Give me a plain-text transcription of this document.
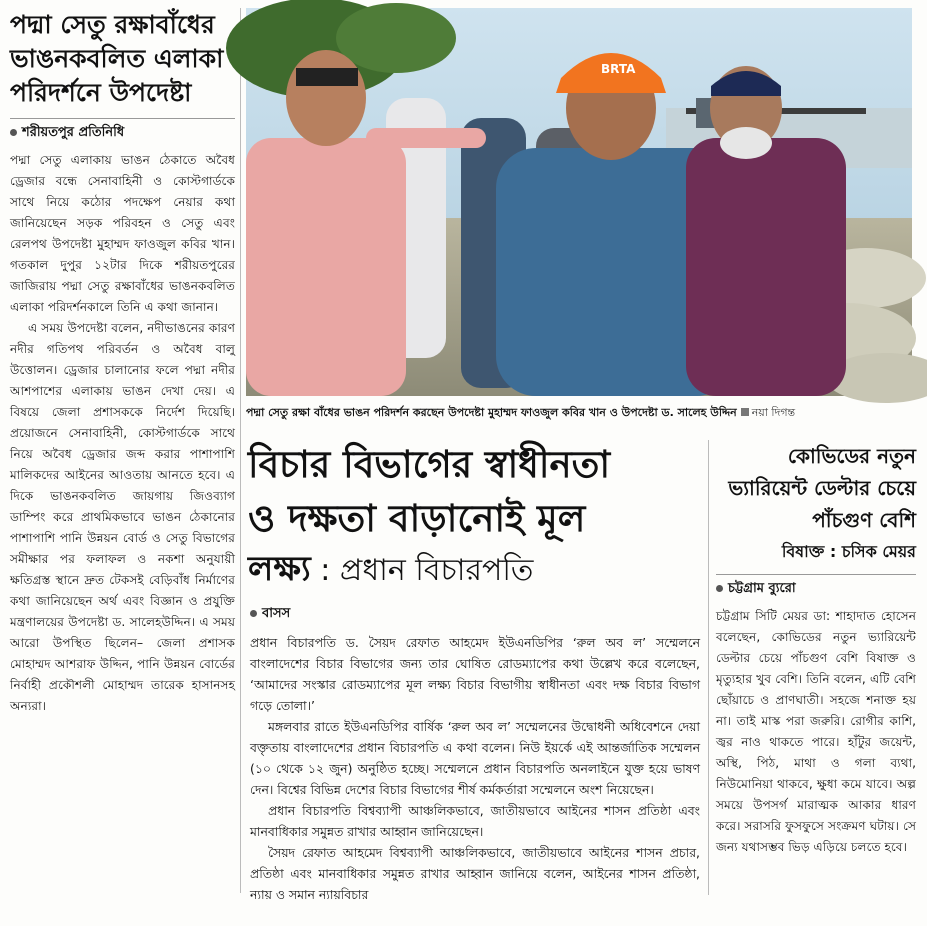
পদ্মা সেতু রক্ষাবাঁধের ভাঙনকবলিত এলাকা পরিদর্শনে উপদেষ্টা
শরীয়তপুর প্রতিনিধি

পদ্মা সেতু এলাকায় ভাঙন ঠেকাতে অবৈধ ড্রেজার বন্ধে সেনাবাহিনী ও কোস্টগার্ডকে সাথে নিয়ে কঠোর পদক্ষেপ নেয়ার কথা জানিয়েছেন সড়ক পরিবহন ও সেতু এবং রেলপথ উপদেষ্টা মুহাম্মদ ফাওজুল কবির খান। গতকাল দুপুর ১২টার দিকে শরীয়তপুরের জাজিরায় পদ্মা সেতু রক্ষাবাঁধের ভাঙনকবলিত এলাকা পরিদর্শনকালে তিনি এ কথা জানান।

এ সময় উপদেষ্টা বলেন, নদীভাঙনের কারণ নদীর গতিপথ পরিবর্তন ও অবৈধ বালু উত্তোলন। ড্রেজার চালানোর ফলে পদ্মা নদীর আশপাশের এলাকায় ভাঙন দেখা দেয়। এ বিষয়ে জেলা প্রশাসককে নির্দেশ দিয়েছি। প্রয়োজনে সেনাবাহিনী, কোস্টগার্ডকে সাথে নিয়ে অবৈধ ড্রেজার জব্দ করার পাশাপাশি মালিকদের আইনের আওতায় আনতে হবে। এ দিকে ভাঙনকবলিত জায়গায় জিওব্যাগ ডাম্পিং করে প্রাথমিকভাবে ভাঙন ঠেকানোর পাশাপাশি পানি উন্নয়ন বোর্ড ও সেতু বিভাগের সমীক্ষার পর ফলাফল ও নকশা অনুযায়ী ক্ষতিগ্রস্ত স্থানে দ্রুত টেকসই বেড়িবাঁধ নির্মাণের কথা জানিয়েছেন অর্থ এবং বিজ্ঞান ও প্রযুক্তি মন্ত্রণালয়ের উপদেষ্টা ড. সালেহউদ্দিন। এ সময় আরো উপস্থিত ছিলেন– জেলা প্রশাসক মোহাম্মদ আশরাফ উদ্দিন, পানি উন্নয়ন বোর্ডের নির্বাহী প্রকৌশলী মোহাম্মদ তারেক হাসানসহ অন্যরা।

BRTA
পদ্মা সেতু রক্ষা বাঁধের ভাঙন পরিদর্শন করছেন উপদেষ্টা মুহাম্মদ ফাওজুল কবির খান ও উপদেষ্টা ড. সালেহ উদ্দিন নয়া দিগন্ত
বিচার বিভাগের স্বাধীনতা
ও দক্ষতা বাড়ানোই মূল
লক্ষ্য : প্রধান বিচারপতি
বাসস

প্রধান বিচারপতি ড. সৈয়দ রেফাত আহমেদ ইউএনডিপির ‘রুল অব ল’ সম্মেলনে বাংলাদেশের বিচার বিভাগের জন্য তার ঘোষিত রোডম্যাপের কথা উল্লেখ করে বলেছেন, ‘আমাদের সংস্কার রোডম্যাপের মূল লক্ষ্য বিচার বিভাগীয় স্বাধীনতা এবং দক্ষ বিচার বিভাগ গড়ে তোলা।’

মঙ্গলবার রাতে ইউএনডিপির বার্ষিক ‘রুল অব ল’ সম্মেলনের উদ্বোধনী অধিবেশনে দেয়া বক্তৃতায় বাংলাদেশের প্রধান বিচারপতি এ কথা বলেন। নিউ ইয়র্কে এই আন্তর্জাতিক সম্মেলন (১০ থেকে ১২ জুন) অনুষ্ঠিত হচ্ছে। সম্মেলনে প্রধান বিচারপতি অনলাইনে যুক্ত হয়ে ভাষণ দেন। বিশ্বের বিভিন্ন দেশের বিচার বিভাগের শীর্ষ কর্মকর্তারা সম্মেলনে অংশ নিয়েছেন।

প্রধান বিচারপতি বিশ্বব্যাপী আঞ্চলিকভাবে, জাতীয়ভাবে আইনের শাসন প্রতিষ্ঠা এবং মানবাধিকার সমুন্নত রাখার আহ্বান জানিয়েছেন।

সৈয়দ রেফাত আহমেদ বিশ্বব্যাপী আঞ্চলিকভাবে, জাতীয়ভাবে আইনের শাসন প্রচার, প্রতিষ্ঠা এবং মানবাধিকার সমুন্নত রাখার আহ্বান জানিয়ে বলেন, আইনের শাসন প্রতিষ্ঠা, ন্যায় ও সমান ন্যায়বিচার

কোভিডের নতুন ভ্যারিয়েন্ট ডেল্টার চেয়ে পাঁচগুণ বেশি
বিষাক্ত : চসিক মেয়র
চট্টগ্রাম ব্যুরো

চট্টগ্রাম সিটি মেয়র ডা: শাহাদাত হোসেন বলেছেন, কোভিডের নতুন ভ্যারিয়েন্ট ডেল্টার চেয়ে পাঁচগুণ বেশি বিষাক্ত ও মৃত্যুহার খুব বেশি। তিনি বলেন, এটি বেশি ছোঁয়াচে ও প্রাণঘাতী। সহজে শনাক্ত হয় না। তাই মাস্ক পরা জরুরি। রোগীর কাশি, জ্বর নাও থাকতে পারে। হাঁটুর জয়েন্ট, অস্থি, পিঠ, মাথা ও গলা ব্যথা, নিউমোনিয়া থাকবে, ক্ষুধা কমে যাবে। অল্প সময়ে উপসর্গ মারাত্মক আকার ধারণ করে। সরাসরি ফুসফুসে সংক্রমণ ঘটায়। সে জন্য যথাসম্ভব ভিড় এড়িয়ে চলতে হবে।
